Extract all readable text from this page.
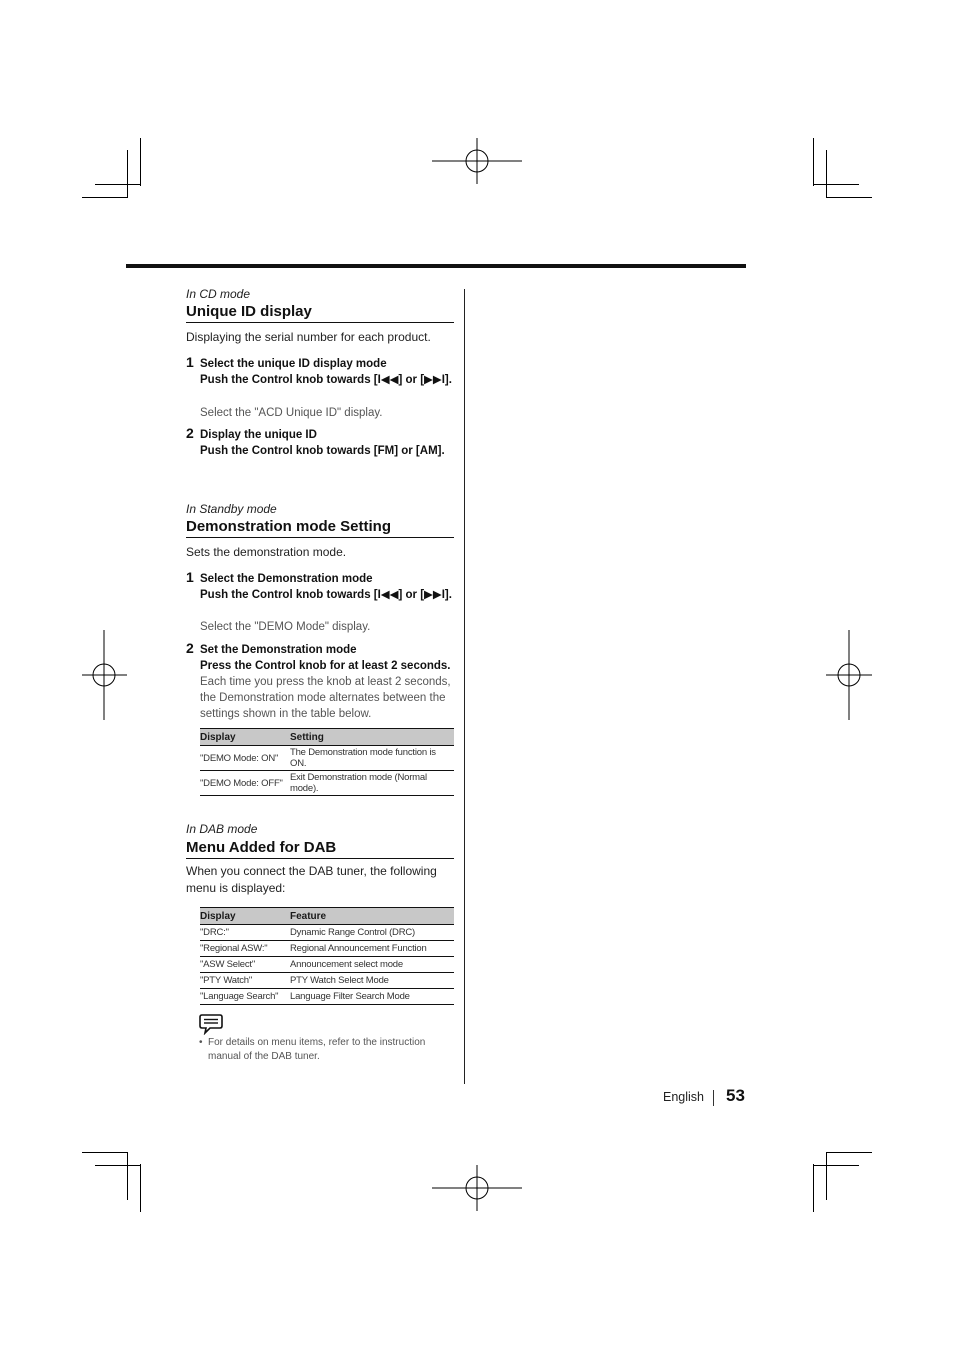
In CD mode
Unique ID display
Displaying the serial number for each product.
1 Select the unique ID display mode
Push the Control knob towards [I◀◀] or [▶▶I].
Select the "ACD Unique ID" display.
2 Display the unique ID
Push the Control knob towards [FM] or [AM].
In Standby mode
Demonstration mode Setting
Sets the demonstration mode.
1 Select the Demonstration mode
Push the Control knob towards [I◀◀] or [▶▶I].
Select the "DEMO Mode" display.
2 Set the Demonstration mode
Press the Control knob for at least 2 seconds.
Each time you press the knob at least 2 seconds, the Demonstration mode alternates between the settings shown in the table below.
Display	Setting
"DEMO Mode: ON"	The Demonstration mode function is ON.
"DEMO Mode: OFF"	Exit Demonstration mode (Normal mode).
In DAB mode
Menu Added for DAB
When you connect the DAB tuner, the following menu is displayed:
Display	Feature
"DRC:"	Dynamic Range Control (DRC)
"Regional ASW:"	Regional Announcement Function
"ASW Select"	Announcement select mode
"PTY Watch"	PTY Watch Select Mode
"Language Search"	Language Filter Search Mode
• For details on menu items, refer to the instruction manual of the DAB tuner.
English 53
